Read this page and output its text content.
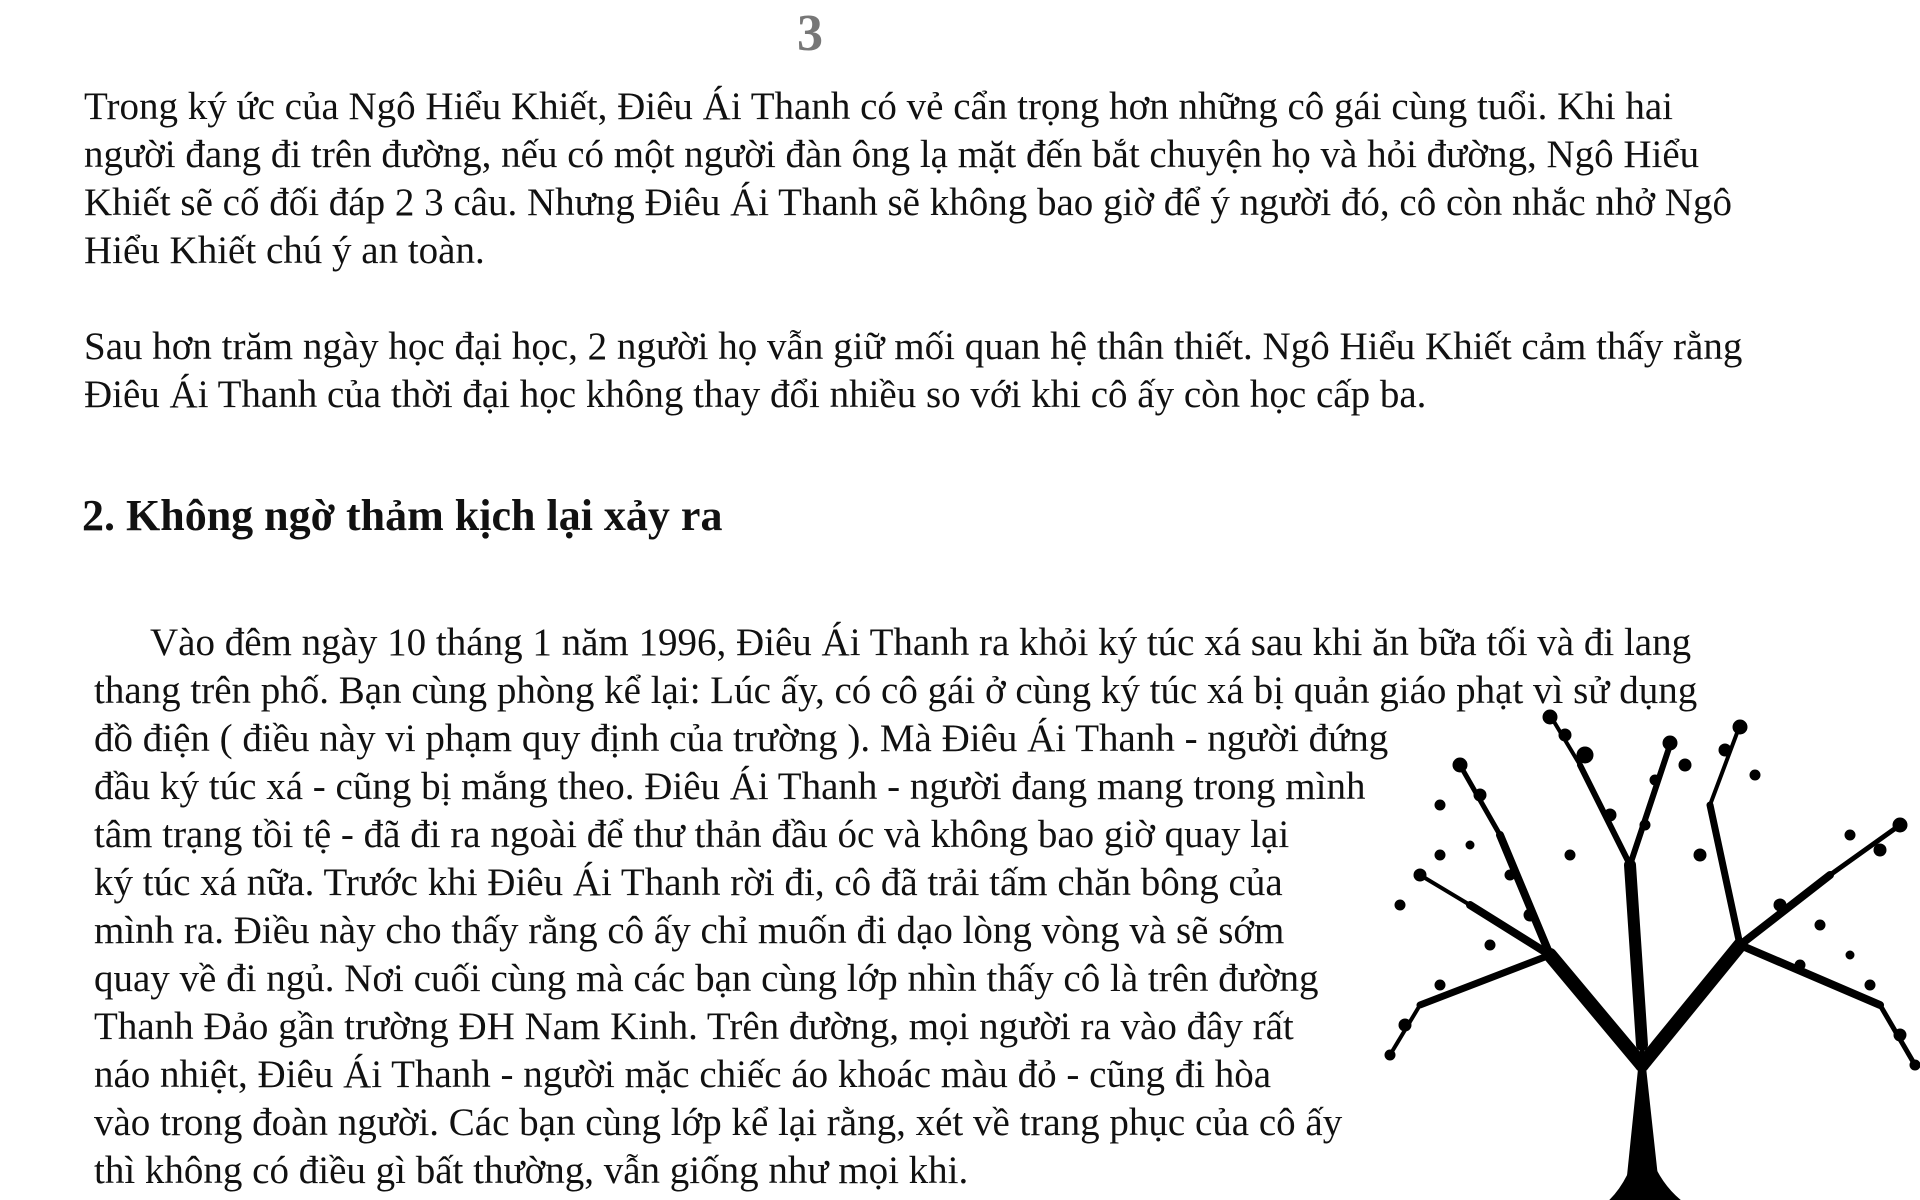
3

Trong ký ức của Ngô Hiểu Khiết, Điêu Ái Thanh có vẻ cẩn trọng hơn những cô gái cùng tuổi. Khi hai

người đang đi trên đường, nếu có một người đàn ông lạ mặt đến bắt chuyện họ và hỏi đường, Ngô Hiểu

Khiết sẽ cố đối đáp 2 3 câu. Nhưng Điêu Ái Thanh sẽ không bao giờ để ý người đó, cô còn nhắc nhở Ngô

Hiểu Khiết chú ý an toàn.

Sau hơn trăm ngày học đại học, 2 người họ vẫn giữ mối quan hệ thân thiết. Ngô Hiểu Khiết cảm thấy rằng

Điêu Ái Thanh của thời đại học không thay đổi nhiều so với khi cô ấy còn học cấp ba.

2. Không ngờ thảm kịch lại xảy ra

Vào đêm ngày 10 tháng 1 năm 1996, Điêu Ái Thanh ra khỏi ký túc xá sau khi ăn bữa tối và đi lang

thang trên phố. Bạn cùng phòng kể lại: Lúc ấy, có cô gái ở cùng ký túc xá bị quản giáo phạt vì sử dụng

đồ điện ( điều này vi phạm quy định của trường ). Mà Điêu Ái Thanh - người đứng

đầu ký túc xá - cũng bị mắng theo. Điêu Ái Thanh - người đang mang trong mình

tâm trạng tồi tệ - đã đi ra ngoài để thư thản đầu óc và không bao giờ quay lại

ký túc xá nữa. Trước khi Điêu Ái Thanh rời đi, cô đã trải tấm chăn bông của

mình ra. Điều này cho thấy rằng cô ấy chỉ muốn đi dạo lòng vòng và sẽ sớm

quay về đi ngủ. Nơi cuối cùng mà các bạn cùng lớp nhìn thấy cô là trên đường

Thanh Đảo gần trường ĐH Nam Kinh. Trên đường, mọi người ra vào đây rất

náo nhiệt, Điêu Ái Thanh - người mặc chiếc áo khoác màu đỏ - cũng đi hòa

vào trong đoàn người. Các bạn cùng lớp kể lại rằng, xét về trang phục của cô ấy

thì không có điều gì bất thường, vẫn giống như mọi khi.
